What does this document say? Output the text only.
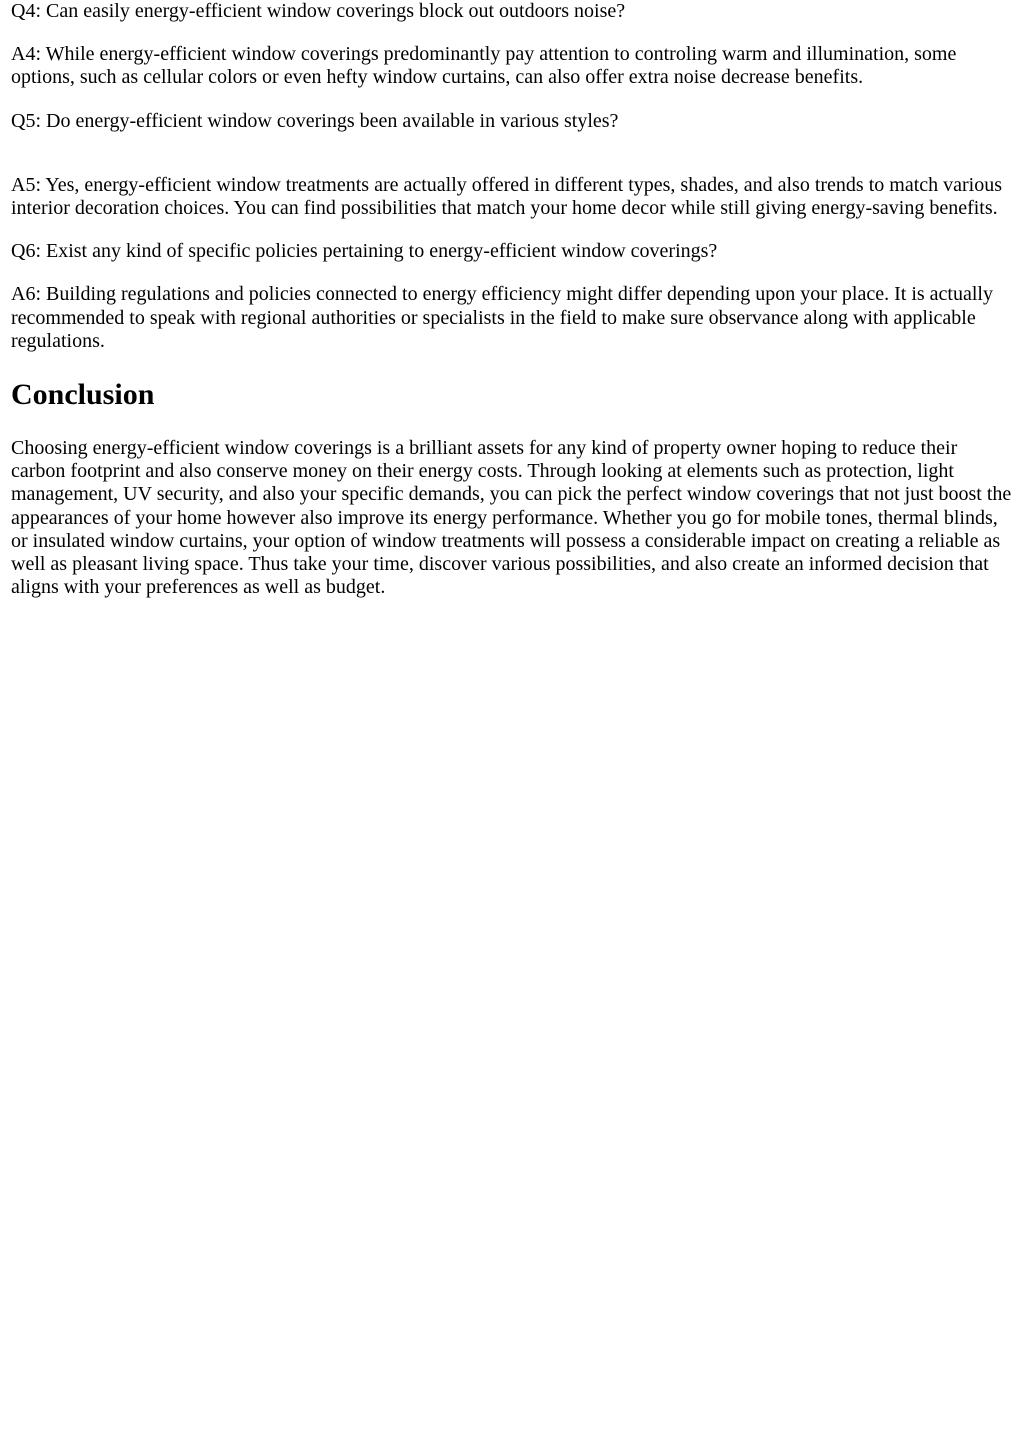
Q4: Can easily energy-efficient window coverings block out outdoors noise?

A4: While energy-efficient window coverings predominantly pay attention to controling warm and illumination, some options, such as cellular colors or even hefty window curtains, can also offer extra noise decrease benefits.

Q5: Do energy-efficient window coverings been available in various styles?

A5: Yes, energy-efficient window treatments are actually offered in different types, shades, and also trends to match various interior decoration choices. You can find possibilities that match your home decor while still giving energy-saving benefits.

Q6: Exist any kind of specific policies pertaining to energy-efficient window coverings?

A6: Building regulations and policies connected to energy efficiency might differ depending upon your place. It is actually recommended to speak with regional authorities or specialists in the field to make sure observance along with applicable regulations.

Conclusion

Choosing energy-efficient window coverings is a brilliant assets for any kind of property owner hoping to reduce their carbon footprint and also conserve money on their energy costs. Through looking at elements such as protection, light management, UV security, and also your specific demands, you can pick the perfect window coverings that not just boost the appearances of your home however also improve its energy performance. Whether you go for mobile tones, thermal blinds, or insulated window curtains, your option of window treatments will possess a considerable impact on creating a reliable as well as pleasant living space. Thus take your time, discover various possibilities, and also create an informed decision that aligns with your preferences as well as budget.
